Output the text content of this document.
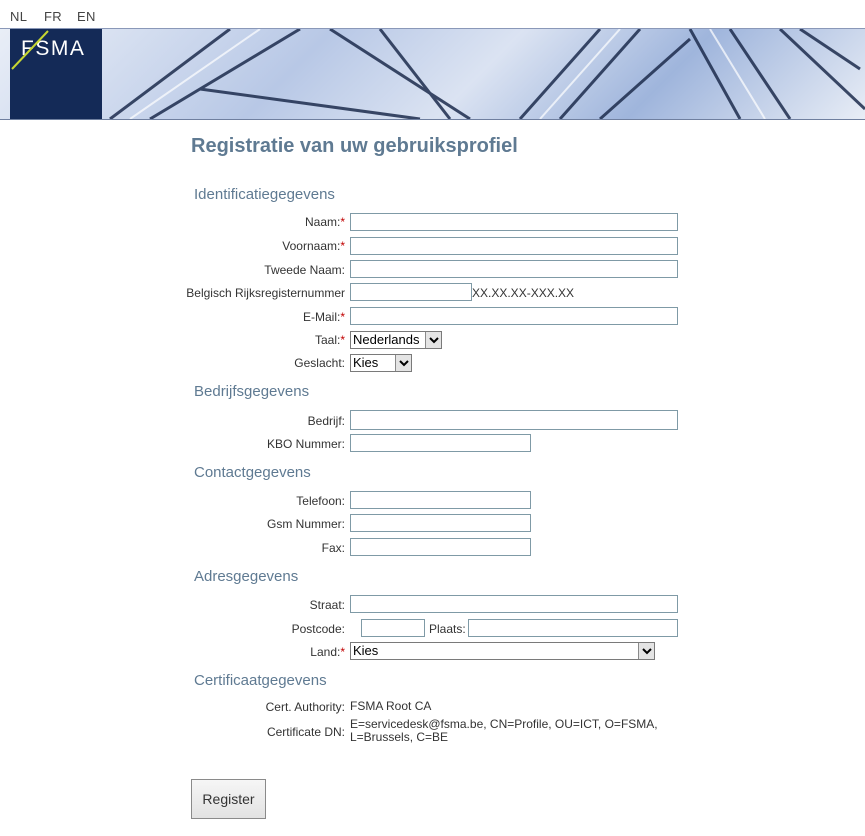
NL FR EN
FSMA
Registratie van uw gebruiksprofiel
Identificatiegegevens
Naam:*
Voornaam:*
Tweede Naam:
Belgisch Rijksregisternummer	XX.XX.XX-XXX.XX
E-Mail:*
Taal:* Nederlands
Geslacht: Kies
Bedrijfsgegevens
Bedrijf:
KBO Nummer:
Contactgegevens
Telefoon:
Gsm Nummer:
Fax:
Adresgegevens
Straat:
Postcode:	Plaats:
Land:* Kies
Certificaatgegevens
Cert. Authority: FSMA Root CA
Certificate DN:
E=servicedesk@fsma.be, CN=Profile, OU=ICT, O=FSMA,
L=Brussels, C=BE
Register
